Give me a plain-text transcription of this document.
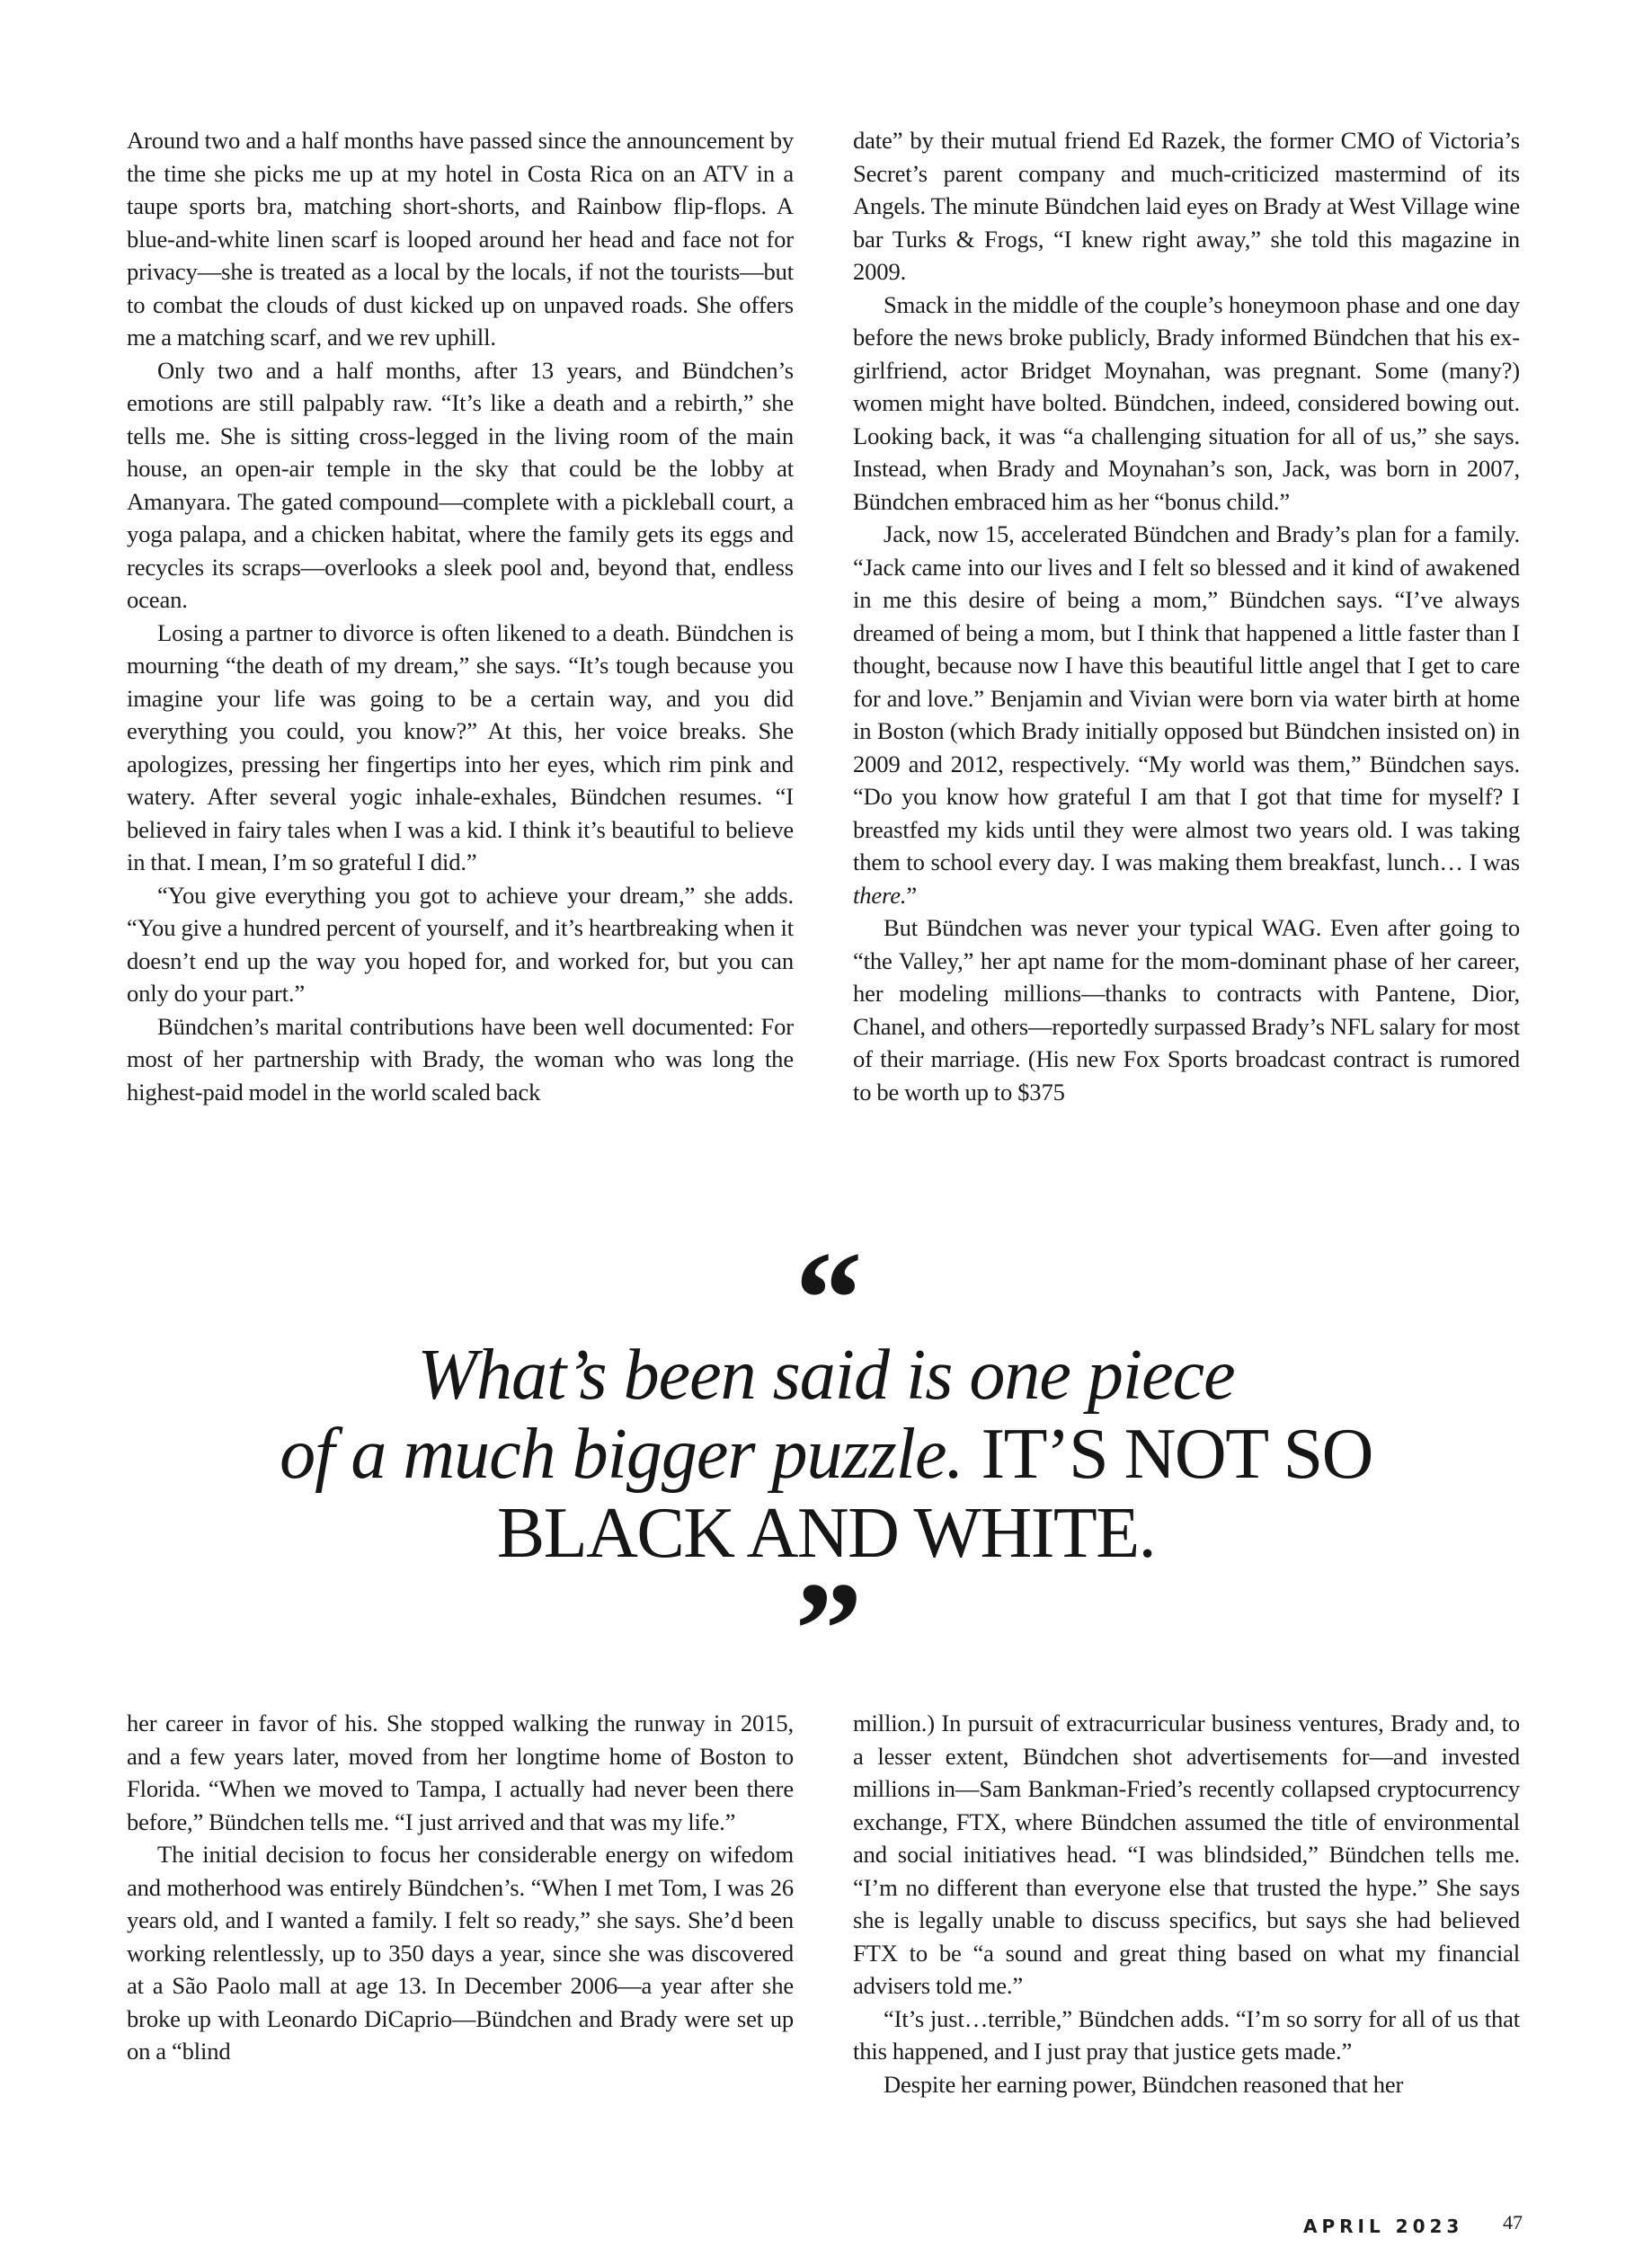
Around two and a half months have passed since the announcement by the time she picks me up at my hotel in Costa Rica on an ATV in a taupe sports bra, matching short-shorts, and Rainbow flip-flops. A blue-and-white linen scarf is looped around her head and face not for privacy—she is treated as a local by the locals, if not the tourists—but to combat the clouds of dust kicked up on unpaved roads. She offers me a matching scarf, and we rev uphill.

Only two and a half months, after 13 years, and Bündchen’s emotions are still palpably raw. “It’s like a death and a rebirth,” she tells me. She is sitting cross-legged in the living room of the main house, an open-air temple in the sky that could be the lobby at Amanyara. The gated compound—complete with a pickleball court, a yoga palapa, and a chicken habitat, where the family gets its eggs and recycles its scraps—overlooks a sleek pool and, beyond that, endless ocean.

Losing a partner to divorce is often likened to a death. Bündchen is mourning “the death of my dream,” she says. “It’s tough because you imagine your life was going to be a certain way, and you did everything you could, you know?” At this, her voice breaks. She apologizes, pressing her fingertips into her eyes, which rim pink and watery. After several yogic inhale-exhales, Bündchen resumes. “I believed in fairy tales when I was a kid. I think it’s beautiful to believe in that. I mean, I’m so grateful I did.”

“You give everything you got to achieve your dream,” she adds. “You give a hundred percent of yourself, and it’s heartbreaking when it doesn’t end up the way you hoped for, and worked for, but you can only do your part.”

Bündchen’s marital contributions have been well documented: For most of her partnership with Brady, the woman who was long the highest-paid model in the world scaled back

date” by their mutual friend Ed Razek, the former CMO of Victoria’s Secret’s parent company and much-criticized mastermind of its Angels. The minute Bündchen laid eyes on Brady at West Village wine bar Turks & Frogs, “I knew right away,” she told this magazine in 2009.

Smack in the middle of the couple’s honeymoon phase and one day before the news broke publicly, Brady informed Bündchen that his ex-girlfriend, actor Bridget Moynahan, was pregnant. Some (many?) women might have bolted. Bündchen, indeed, considered bowing out. Looking back, it was “a challenging situation for all of us,” she says. Instead, when Brady and Moynahan’s son, Jack, was born in 2007, Bündchen embraced him as her “bonus child.”

Jack, now 15, accelerated Bündchen and Brady’s plan for a family. “Jack came into our lives and I felt so blessed and it kind of awakened in me this desire of being a mom,” Bündchen says. “I’ve always dreamed of being a mom, but I think that happened a little faster than I thought, because now I have this beautiful little angel that I get to care for and love.” Benjamin and Vivian were born via water birth at home in Boston (which Brady initially opposed but Bündchen insisted on) in 2009 and 2012, respectively. “My world was them,” Bündchen says. “Do you know how grateful I am that I got that time for myself? I breastfed my kids until they were almost two years old. I was taking them to school every day. I was making them breakfast, lunch… I was there.”

But Bündchen was never your typical WAG. Even after going to “the Valley,” her apt name for the mom-dominant phase of her career, her modeling millions—thanks to contracts with Pantene, Dior, Chanel, and others—reportedly surpassed Brady’s NFL salary for most of their marriage. (His new Fox Sports broadcast contract is rumored to be worth up to $375

“
What’s been said is one piece
of a much bigger puzzle. IT’S NOT SO
BLACK AND WHITE.
”

her career in favor of his. She stopped walking the runway in 2015, and a few years later, moved from her longtime home of Boston to Florida. “When we moved to Tampa, I actually had never been there before,” Bündchen tells me. “I just arrived and that was my life.”

The initial decision to focus her considerable energy on wifedom and motherhood was entirely Bündchen’s. “When I met Tom, I was 26 years old, and I wanted a family. I felt so ready,” she says. She’d been working relentlessly, up to 350 days a year, since she was discovered at a São Paolo mall at age 13. In December 2006—a year after she broke up with Leonardo DiCaprio—Bündchen and Brady were set up on a “blind

million.) In pursuit of extracurricular business ventures, Brady and, to a lesser extent, Bündchen shot advertisements for—and invested millions in—Sam Bankman-Fried’s recently collapsed cryptocurrency exchange, FTX, where Bündchen assumed the title of environmental and social initiatives head. “I was blindsided,” Bündchen tells me. “I’m no different than everyone else that trusted the hype.” She says she is legally unable to discuss specifics, but says she had believed FTX to be “a sound and great thing based on what my financial advisers told me.”

“It’s just…terrible,” Bündchen adds. “I’m so sorry for all of us that this happened, and I just pray that justice gets made.”

Despite her earning power, Bündchen reasoned that her

APRIL 2023	47
